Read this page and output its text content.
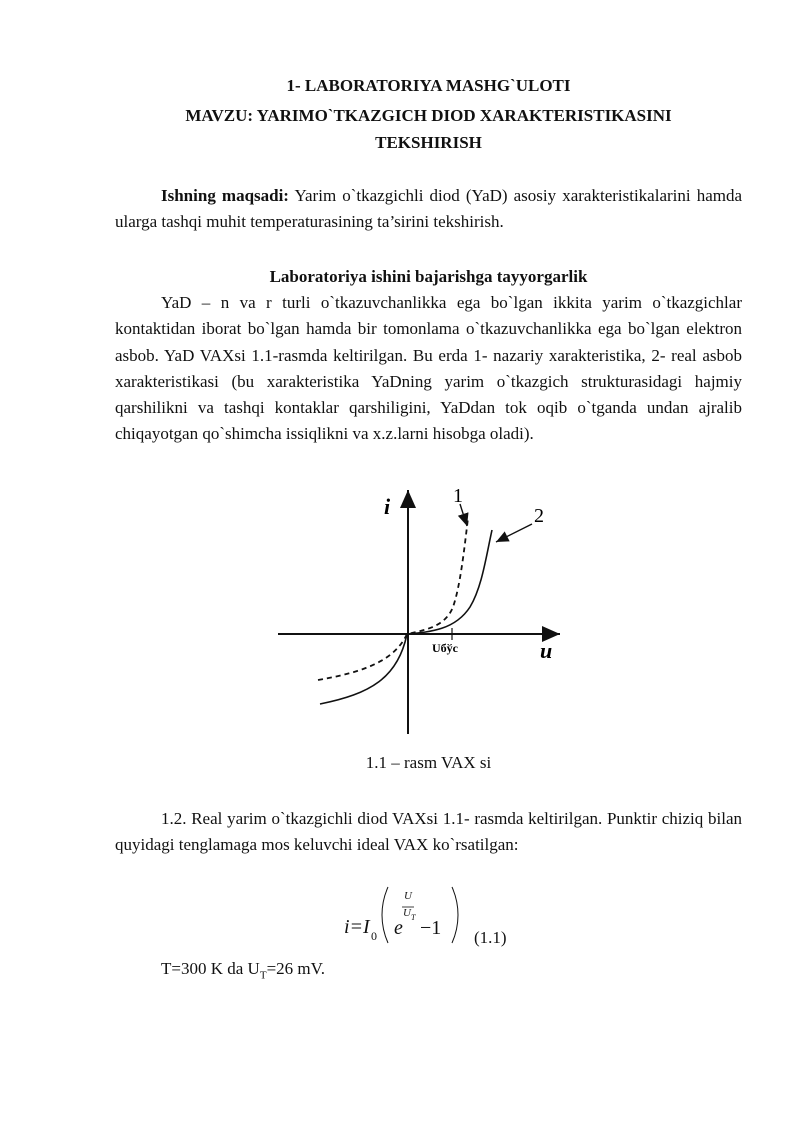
1- LABORATORIYA MASHG`ULOTI
MAVZU: YARIMO`TKAZGICH DIOD XARAKTERISTIKASINI
TEKSHIRISH
Ishning maqsadi: Yarim o`tkazgichli diod (YaD) asosiy xarakteristikalarini hamda ularga tashqi muhit temperaturasining ta’sirini tekshirish.
Laboratoriya ishini bajarishga tayyorgarlik
YaD – n va r turli o`tkazuvchanlikka ega bo`lgan ikkita yarim o`tkazgichlar kontaktidan iborat bo`lgan hamda bir tomonlama o`tkazuvchanlikka ega bo`lgan elektron asbob. YaD VAXsi 1.1-rasmda keltirilgan. Bu erda 1- nazariy xarakteristika, 2- real asbob xarakteristikasi (bu xarakteristika YaDning yarim o`tkazgich strukturasidagi hajmiy qarshilikni va tashqi kontaklar qarshiligini, YaDdan tok oqib o`tganda undan ajralib chiqayotgan qo`shimcha issiqlikni va x.z.larni hisobga oladi).
i
u
1
2
Uбўс
1.1 – rasm VAX si
1.2. Real yarim o`tkazgichli diod VAXsi 1.1- rasmda keltirilgan. Punktir chiziq bilan quyidagi tenglamaga mos keluvchi ideal VAX ko`rsatilgan:
i=I 0 e
U
U T −1 (1.1)
T=300 K da $U_T=26$ mV.
